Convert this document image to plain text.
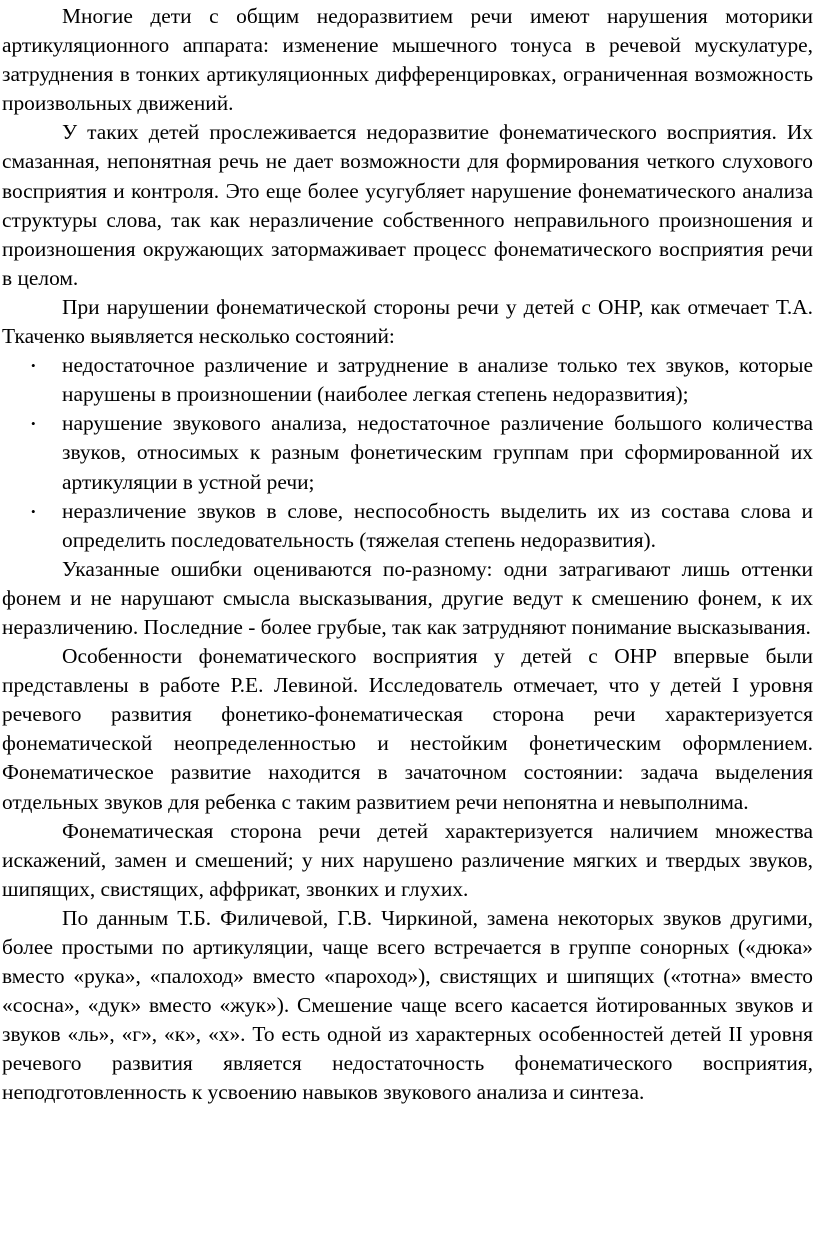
Многие дети с общим недоразвитием речи имеют нарушения моторики артикуляционного аппарата: изменение мышечного тонуса в речевой мускулатуре, затруднения в тонких артикуляционных дифференцировках, ограниченная возможность произвольных движений.

У таких детей прослеживается недоразвитие фонематического восприятия. Их смазанная, непонятная речь не дает возможности для формирования четкого слухового восприятия и контроля. Это еще более усугубляет нарушение фонематического анализа структуры слова, так как неразличение собственного неправильного произношения и произношения окружающих затормаживает процесс фонематического восприятия речи в целом.

При нарушении фонематической стороны речи у детей с ОНР, как отмечает Т.А. Ткаченко выявляется несколько состояний:

• недостаточное различение и затруднение в анализе только тех звуков, которые нарушены в произношении (наиболее легкая степень недоразвития);
• нарушение звукового анализа, недостаточное различение большого количества звуков, относимых к разным фонетическим группам при сформированной их артикуляции в устной речи;
• неразличение звуков в слове, неспособность выделить их из состава слова и определить последовательность (тяжелая степень недоразвития).

Указанные ошибки оцениваются по-разному: одни затрагивают лишь оттенки фонем и не нарушают смысла высказывания, другие ведут к смешению фонем, к их неразличению. Последние - более грубые, так как затрудняют понимание высказывания.

Особенности фонематического восприятия у детей с ОНР впервые были представлены в работе Р.Е. Левиной. Исследователь отмечает, что у детей I уровня речевого развития фонетико-фонематическая сторона речи характеризуется фонематической неопределенностью и нестойким фонетическим оформлением. Фонематическое развитие находится в зачаточном состоянии: задача выделения отдельных звуков для ребенка с таким развитием речи непонятна и невыполнима.

Фонематическая сторона речи детей характеризуется наличием множества искажений, замен и смешений; у них нарушено различение мягких и твердых звуков, шипящих, свистящих, аффрикат, звонких и глухих.

По данным Т.Б. Филичевой, Г.В. Чиркиной, замена некоторых звуков другими, более простыми по артикуляции, чаще всего встречается в группе сонорных («дюка» вместо «рука», «палоход» вместо «пароход»), свистящих и шипящих («тотна» вместо «сосна», «дук» вместо «жук»). Смешение чаще всего касается йотированных звуков и звуков «ль», «г», «к», «х». То есть одной из характерных особенностей детей II уровня речевого развития является недостаточность фонематического восприятия, неподготовленность к усвоению навыков звукового анализа и синтеза.
